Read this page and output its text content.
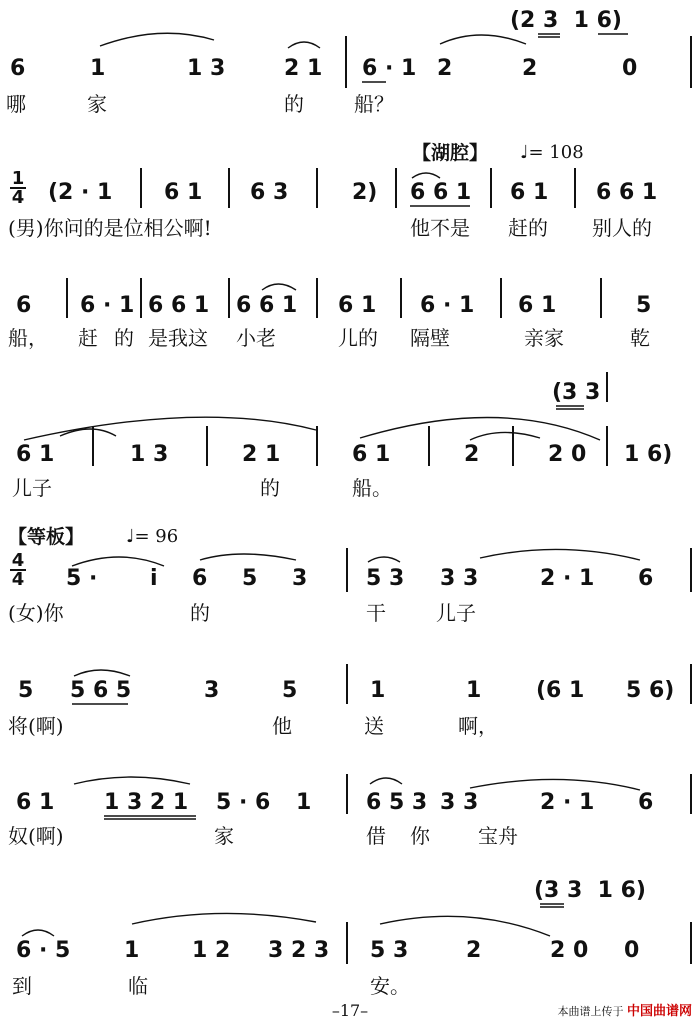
(2 3  1 6)
6	1	1 3	2 1 6 · 1 2	2	0
哪	家	的	船？
【湖腔】 ♩= 108
1
4 (2 · 1 6 1 6 3	2) 6 6 1 6 1 6 6 1
(男)你问的是位相公啊!	他不是 赶的 别人的
6 6 · 1 6 6 1 6 6 1 6 1 6 · 1 6 1	5
船， 赶 的 是我这 小老	儿的 隔壁	亲家	乾
(3 3
6 1	1 3	2 1	6 1	2	2 0 1 6)
儿子	的	船。
【等板】 ♩= 96
4
4 5 · i 6 5 3	5 3 3 3	2 · 1 6
(女)你	的	干	儿子
5 5 6 5	3	5	1	1 (6 1 5 6)
将(啊)	他	送	啊，
6 1 1 3 2 1 5 · 6 1 6 5 3 3 3	2 · 1 6
奴(啊)	家	借 你 宝舟
(3 3  1 6)
6 · 5 1 1 2 3 2 3 5 3	2	2 0 0
到	临	安。
–17–	本曲谱上传于 中国曲谱网
